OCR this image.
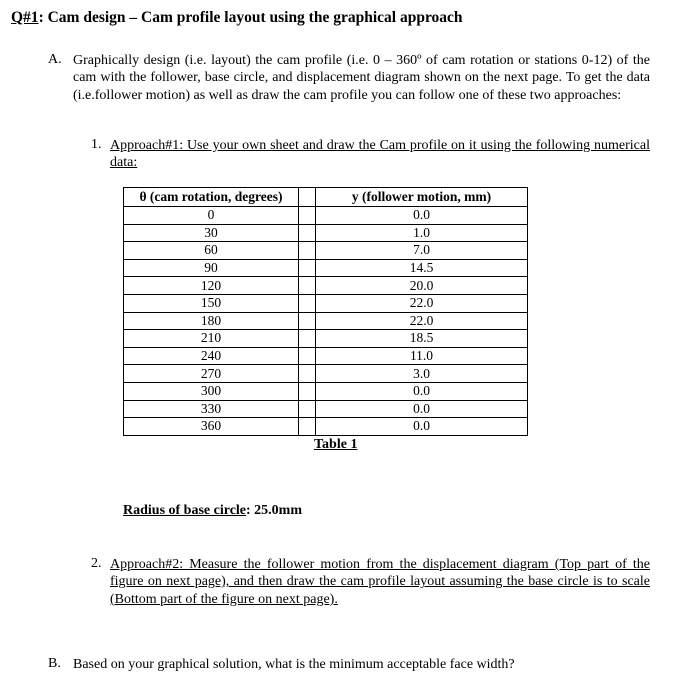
Q#1: Cam design – Cam profile layout using the graphical approach
A. Graphically design (i.e. layout) the cam profile (i.e. 0 – 360º of cam rotation or stations 0-12) of the cam with the follower, base circle, and displacement diagram shown on the next page. To get the data (i.e.follower motion) as well as draw the cam profile you can follow one of these two approaches:
1. Approach#1: Use your own sheet and draw the Cam profile on it using the following numerical data:
θ (cam rotation, degrees)		y (follower motion, mm)
0		0.0
30		1.0
60		7.0
90		14.5
120		20.0
150		22.0
180		22.0
210		18.5
240		11.0
270		3.0
300		0.0
330		0.0
360		0.0
Table 1
Radius of base circle: 25.0mm
2. Approach#2: Measure the follower motion from the displacement diagram (Top part of the figure on next page), and then draw the cam profile layout assuming the base circle is to scale (Bottom part of the figure on next page).
B. Based on your graphical solution, what is the minimum acceptable face width?
